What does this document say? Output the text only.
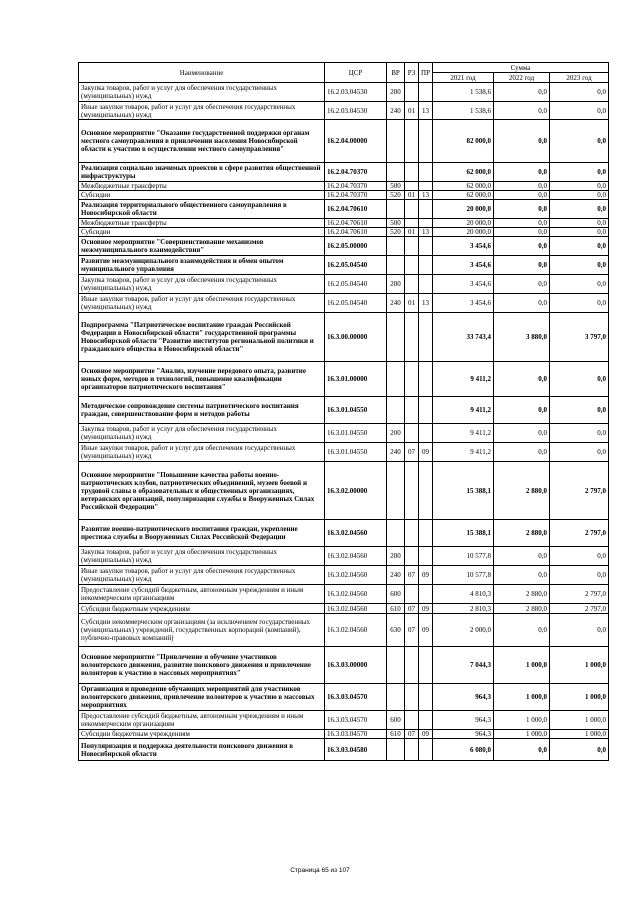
Наименование	ЦСР	ВР	РЗ	ПР	Сумма		
					2021 год	2022 год	2023 год
Закупка товаров, работ и услуг для обеспечения государственных (муниципальных) нужд	16.2.03.04530	200			1 538,6	0,0	0,0
Иные закупки товаров, работ и услуг для обеспечения государственных (муниципальных) нужд	16.2.03.04530	240	01	13	1 538,6	0,0	0,0
Основное мероприятие "Оказание государственной поддержки органам местного самоуправления в привлечении населения Новосибирской области к участию в осуществлении местного самоуправления"	16.2.04.00000				82 000,0	0,0	0,0
Реализация социально значимых проектов в сфере развития общественной инфраструктуры	16.2.04.70370				62 000,0	0,0	0,0
Межбюджетные трансферты	16.2.04.70370	500			62 000,0	0,0	0,0
Субсидии	16.2.04.70370	520	01	13	62 000,0	0,0	0,0
Реализация территориального общественного самоуправления в Новосибирской области	16.2.04.70610				20 000,0	0,0	0,0
Межбюджетные трансферты	16.2.04.70610	500			20 000,0	0,0	0,0
Субсидии	16.2.04.70610	520	01	13	20 000,0	0,0	0,0
Основное мероприятие "Совершенствование механизмов межмуниципального взаимодействия"	16.2.05.00000				3 454,6	0,0	0,0
Развитие межмуниципального взаимодействия и обмен опытом муниципального управления	16.2.05.04540				3 454,6	0,0	0,0
Закупка товаров, работ и услуг для обеспечения государственных (муниципальных) нужд	16.2.05.04540	200			3 454,6	0,0	0,0
Иные закупки товаров, работ и услуг для обеспечения государственных (муниципальных) нужд	16.2.05.04540	240	01	13	3 454,6	0,0	0,0
Подпрограмма "Патриотическое воспитание граждан Российской Федерации в Новосибирской области" государственной программы Новосибирской области "Развитие институтов региональной политики и гражданского общества в Новосибирской области"	16.3.00.00000				33 743,4	3 880,0	3 797,0
Основное мероприятие "Анализ, изучение передового опыта, развитие новых форм, методов и технологий, повышение квалификации организаторов патриотического воспитания"	16.3.01.00000				9 411,2	0,0	0,0
Методическое сопровождение системы патриотического воспитания граждан, совершенствование форм и методов работы	16.3.01.04550				9 411,2	0,0	0,0
Закупка товаров, работ и услуг для обеспечения государственных (муниципальных) нужд	16.3.01.04550	200			9 411,2	0,0	0,0
Иные закупки товаров, работ и услуг для обеспечения государственных (муниципальных) нужд	16.3.01.04550	240	07	09	9 411,2	0,0	0,0
Основное мероприятие "Повышение качества работы военно-патриотических клубов, патриотических объединений, музеев боевой и трудовой славы в образовательных и общественных организациях, ветеранских организаций, популяризация службы в Вооруженных Силах Российской Федерации"	16.3.02.00000				15 388,1	2 880,0	2 797,0
Развитие военно-патриотического воспитания граждан, укрепление престижа службы в Вооруженных Силах Российской Федерации	16.3.02.04560				15 388,1	2 880,0	2 797,0
Закупка товаров, работ и услуг для обеспечения государственных (муниципальных) нужд	16.3.02.04560	200			10 577,8	0,0	0,0
Иные закупки товаров, работ и услуг для обеспечения государственных (муниципальных) нужд	16.3.02.04560	240	07	09	10 577,8	0,0	0,0
Предоставление субсидий бюджетным, автономным учреждениям и иным некоммерческим организациям	16.3.02.04560	600			4 810,3	2 880,0	2 797,0
Субсидии бюджетным учреждениям	16.3.02.04560	610	07	09	2 810,3	2 880,0	2 797,0
Субсидии некоммерческим организациям (за исключением государственных (муниципальных) учреждений, государственных корпораций (компаний), публично-правовых компаний)	16.3.02.04560	630	07	09	2 000,0	0,0	0,0
Основное мероприятие "Привлечение и обучение участников волонтерского движения, развитие поискового движения и привлечение волонтеров к участию в массовых мероприятиях"	16.3.03.00000				7 044,3	1 000,0	1 000,0
Организация и проведение обучающих мероприятий для участников волонтерского движения, привлечение волонтеров к участию в массовых мероприятиях	16.3.03.04570				964,3	1 000,0	1 000,0
Предоставление субсидий бюджетным, автономным учреждениям и иным некоммерческим организациям	16.3.03.04570	600			964,3	1 000,0	1 000,0
Субсидии бюджетным учреждениям	16.3.03.04570	610	07	09	964,3	1 000,0	1 000,0
Популяризация и поддержка деятельности поискового движения в Новосибирской области	16.3.03.04580				6 080,0	0,0	0,0
Страница 65 из 107
